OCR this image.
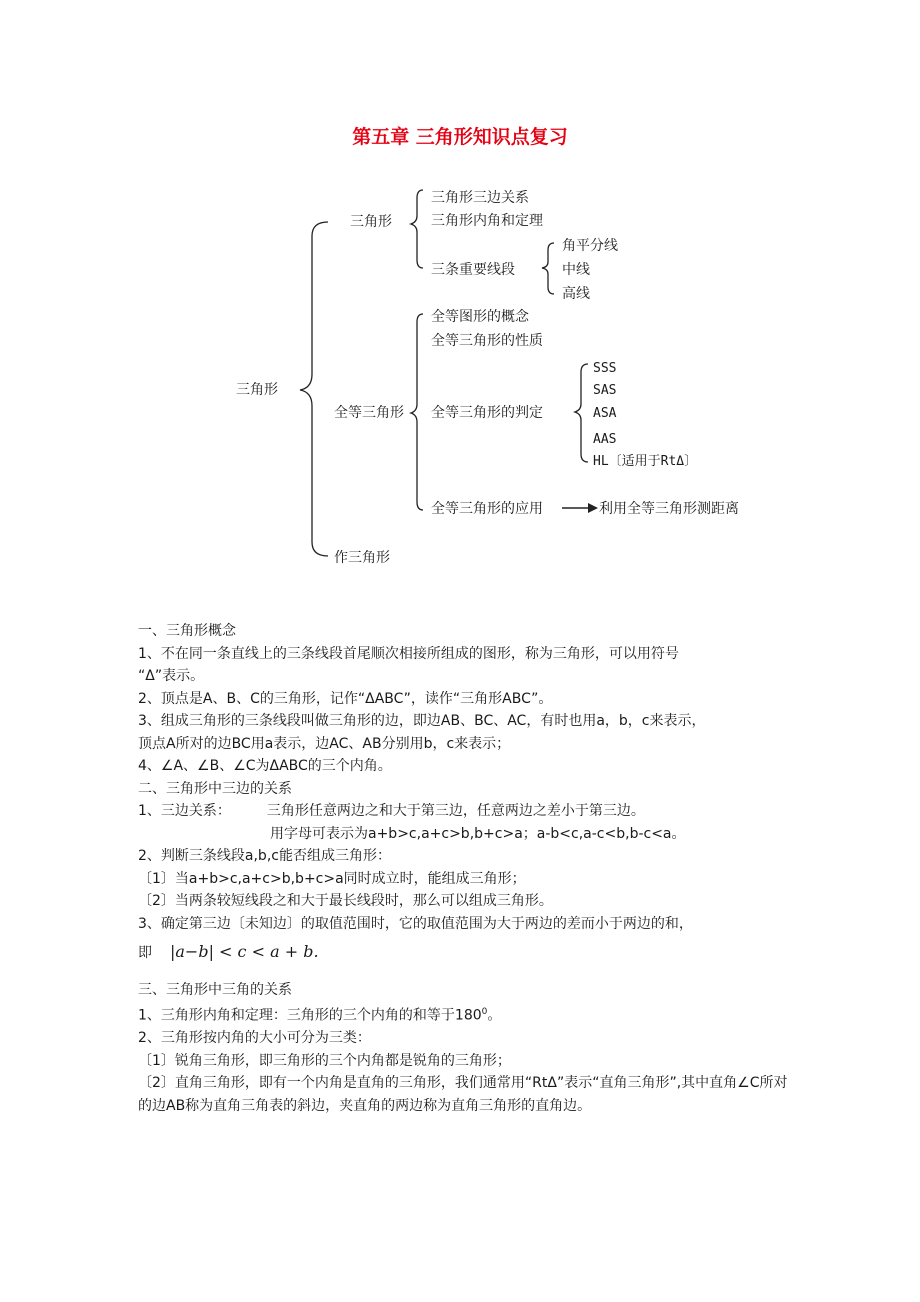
第五章 三角形知识点复习
三角形
三角形
三角形三边关系
三角形内角和定理
三条重要线段
角平分线
中线
高线
全等三角形
全等图形的概念
全等三角形的性质
全等三角形的判定
SSS
SAS
ASA
AAS
HL〔适用于RtΔ〕
全等三角形的应用	利用全等三角形测距离
作三角形

一、三角形概念

1、不在同一条直线上的三条线段首尾顺次相接所组成的图形，称为三角形，可以用符号

“Δ”表示。

2、顶点是A、B、C的三角形，记作“ΔABC”，读作“三角形ABC”。

3、组成三角形的三条线段叫做三角形的边，即边AB、BC、AC，有时也用a，b，c来表示，

顶点A所对的边BC用a表示，边AC、AB分别用b，c来表示；

4、∠A、∠B、∠C为ΔABC的三个内角。

二、三角形中三边的关系

1、三边关系：	三角形任意两边之和大于第三边，任意两边之差小于第三边。

用字母可表示为a+b>c,a+c>b,b+c>a；a-b<c,a-c<b,b-c<a。

2、判断三条线段a,b,c能否组成三角形：

〔1〕当a+b>c,a+c>b,b+c>a同时成立时，能组成三角形；

〔2〕当两条较短线段之和大于最长线段时，那么可以组成三角形。

3、确定第三边〔未知边〕的取值范围时，它的取值范围为大于两边的差而小于两边的和，

即 |a−b| < c < a + b.

三、三角形中三角的关系

1、三角形内角和定理：三角形的三个内角的和等于$180^0$。

2、三角形按内角的大小可分为三类：

〔1〕锐角三角形，即三角形的三个内角都是锐角的三角形；

〔2〕直角三角形，即有一个内角是直角的三角形，我们通常用“RtΔ”表示“直角三角形”,其中直角∠C所对的边AB称为直角三角表的斜边，夹直角的两边称为直角三角形的直角边。
